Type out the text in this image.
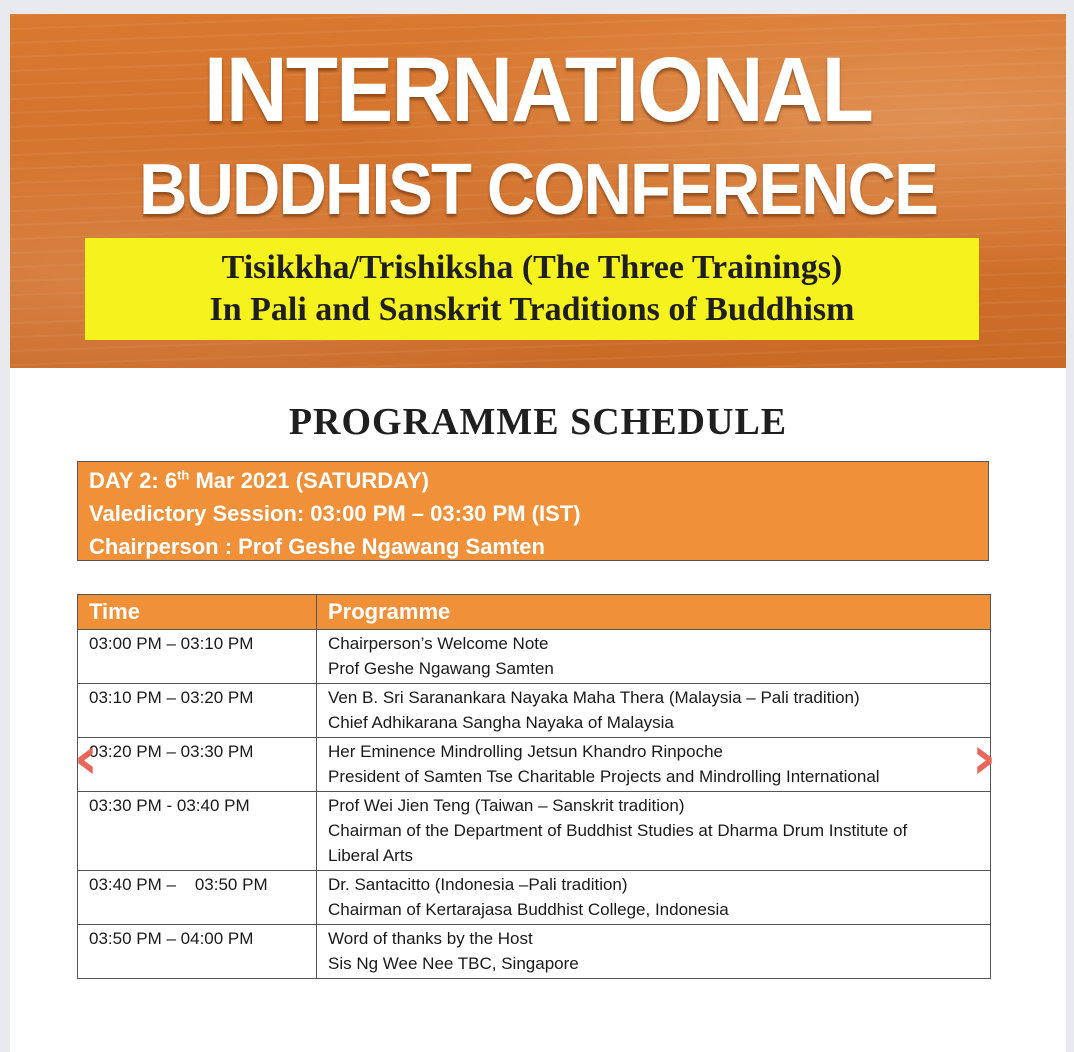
INTERNATIONAL
BUDDHIST CONFERENCE
Tisikkha/Trishiksha (The Three Trainings)
In Pali and Sanskrit Traditions of Buddhism
PROGRAMME SCHEDULE
DAY 2: 6th Mar 2021 (SATURDAY)
Valedictory Session: 03:00 PM – 03:30 PM (IST)
Chairperson : Prof Geshe Ngawang Samten
Time	Programme
03:00 PM – 03:10 PM	Chairperson’s Welcome Note
Prof Geshe Ngawang Samten

03:10 PM – 03:20 PM	Ven B. Sri Saranankara Nayaka Maha Thera (Malaysia – Pali tradition)
Chief Adhikarana Sangha Nayaka of Malaysia

03:20 PM – 03:30 PM	Her Eminence Mindrolling Jetsun Khandro Rinpoche
President of Samten Tse Charitable Projects and Mindrolling International

03:30 PM - 03:40 PM	Prof Wei Jien Teng (Taiwan – Sanskrit tradition)
Chairman of the Department of Buddhist Studies at Dharma Drum Institute of
Liberal Arts

03:40 PM –    03:50 PM	Dr. Santacitto (Indonesia –Pali tradition)
Chairman of Kertarajasa Buddhist College, Indonesia

03:50 PM – 04:00 PM	Word of thanks by the Host
Sis Ng Wee Nee TBC, Singapore
‹	›
